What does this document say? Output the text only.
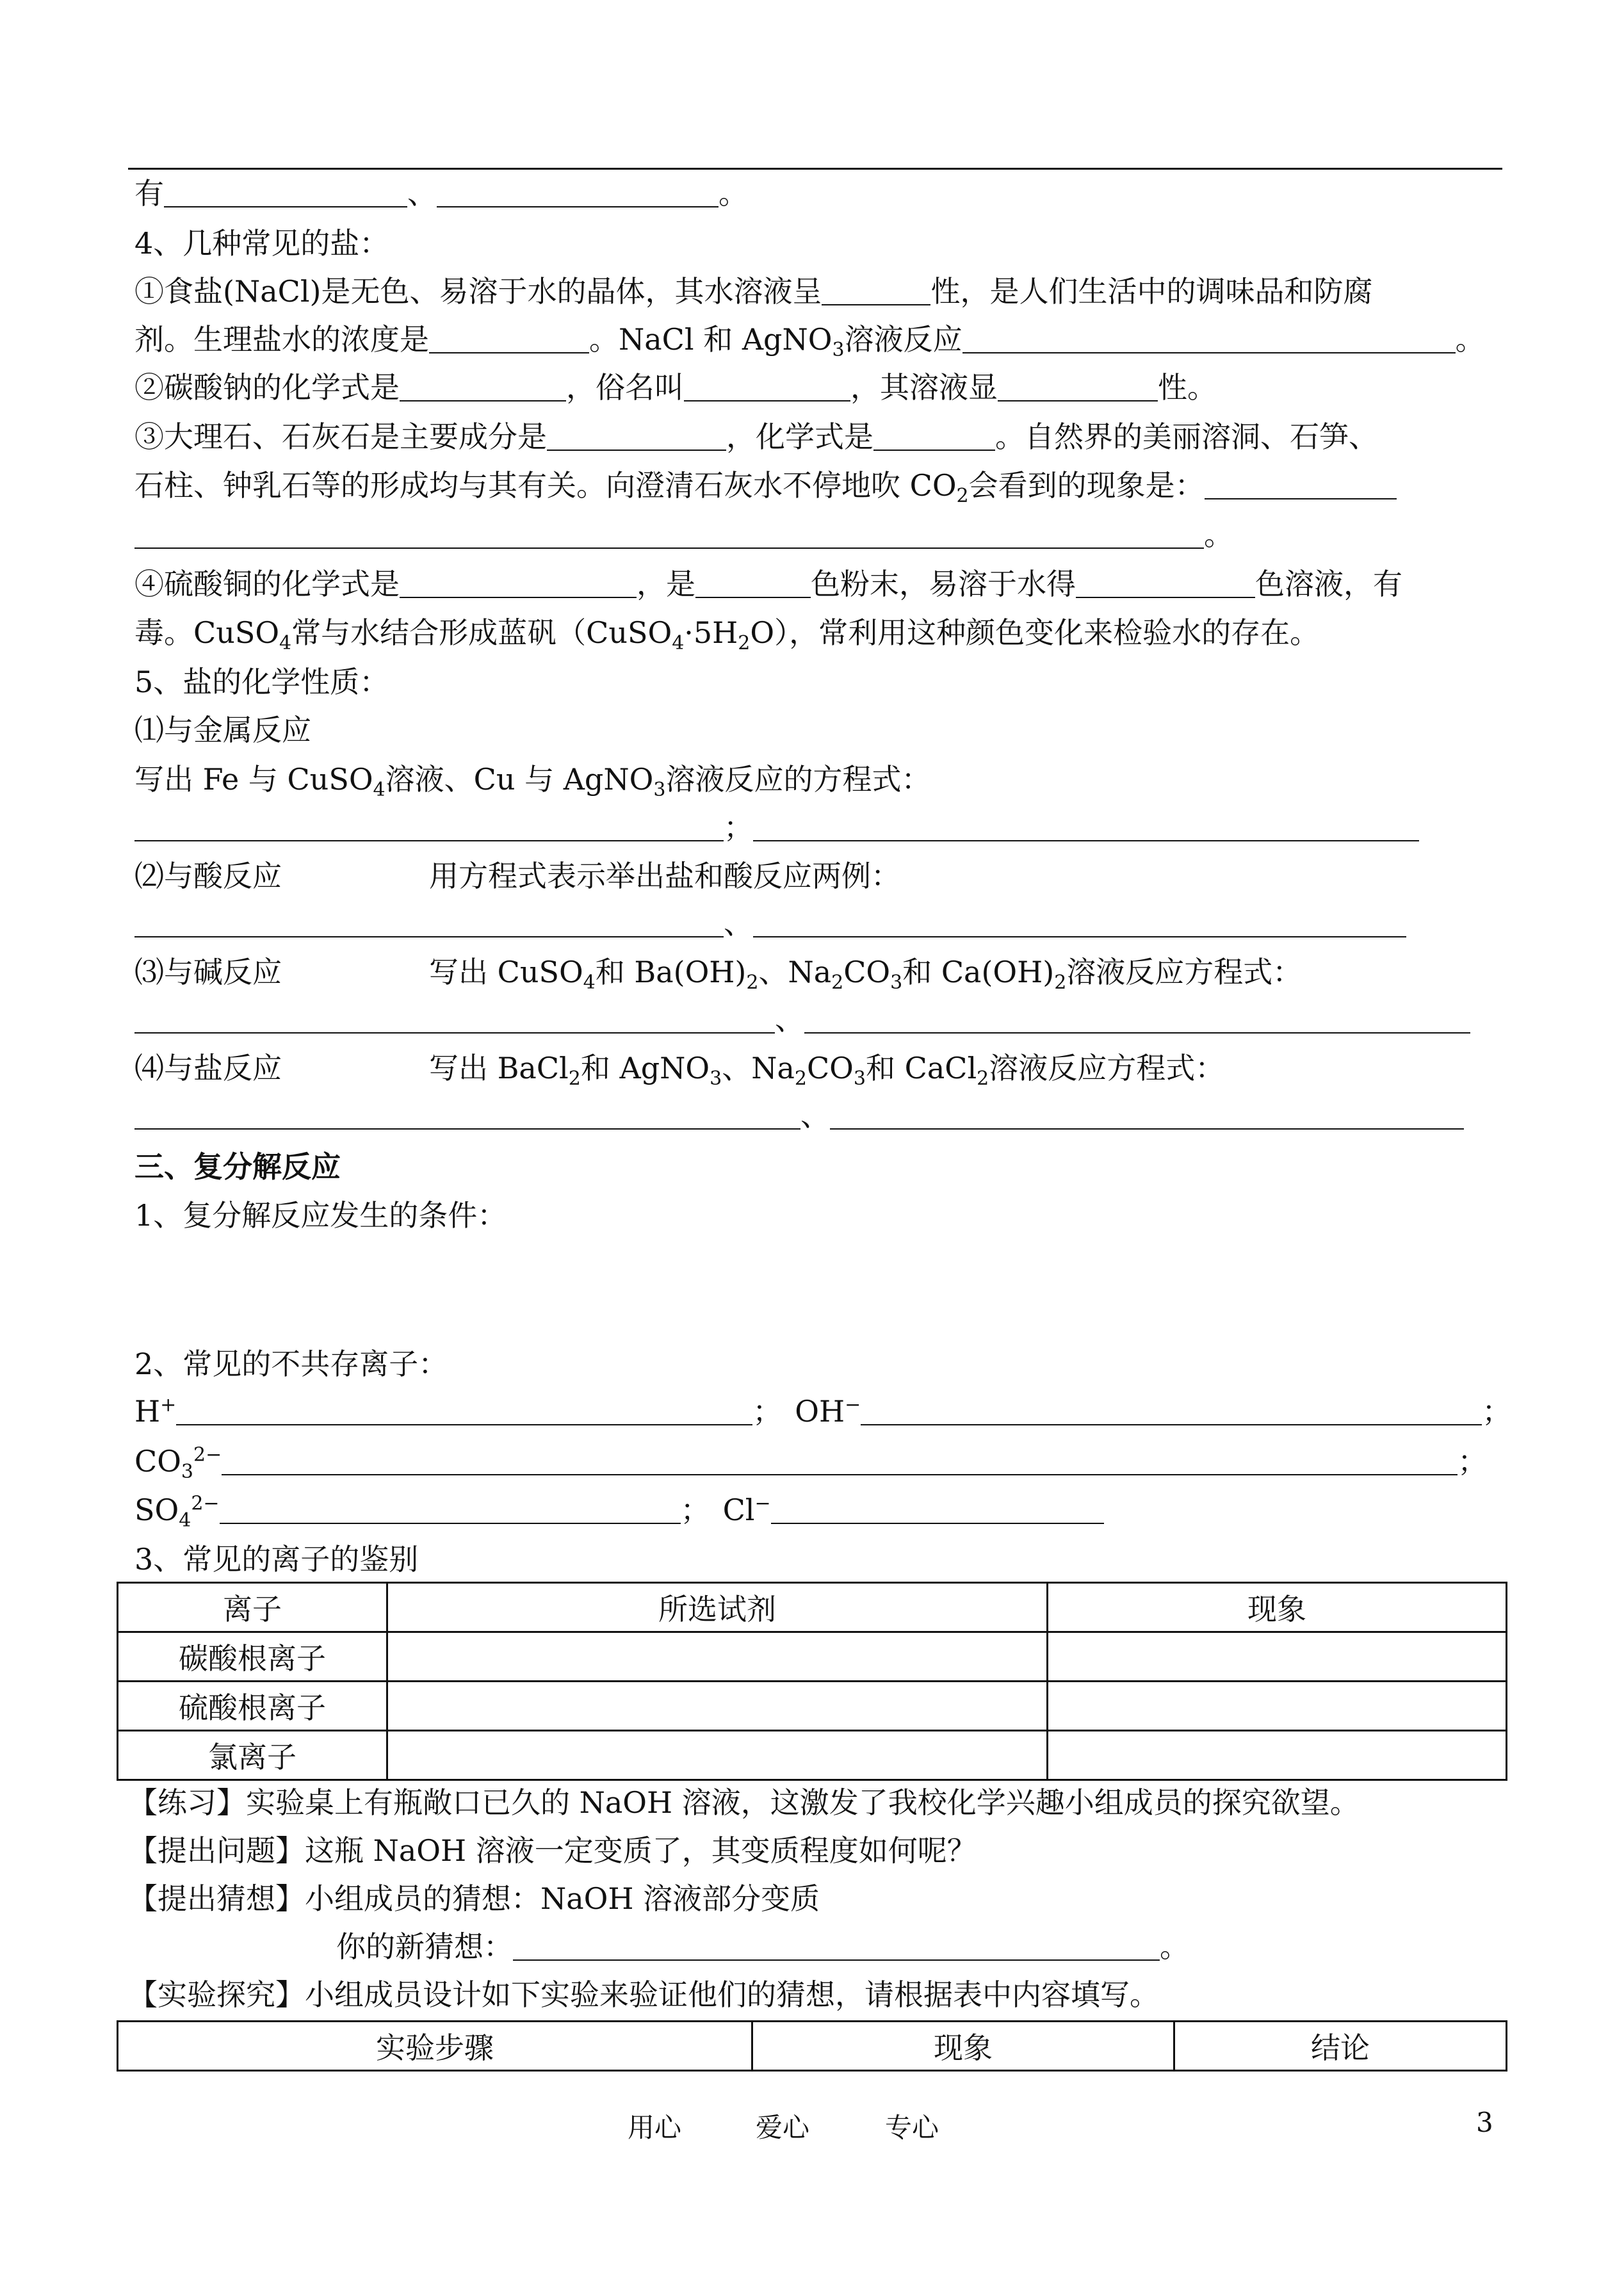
有	、	。
4、几种常见的盐：
①食盐(NaCl)是无色、易溶于水的晶体，其水溶液呈	性，是人们生活中的调味品和防腐
剂。生理盐水的浓度是	。NaCl 和 AgNO$_3$溶液反应	。
②碳酸钠的化学式是	，俗名叫	，其溶液显	性。
③大理石、石灰石是主要成分是	，化学式是	。自然界的美丽溶洞、石笋、
石柱、钟乳石等的形成均与其有关。向澄清石灰水不停地吹 $CO_2$会看到的现象是：
。
④硫酸铜的化学式是	，是	色粉末，易溶于水得	色溶液，有
毒。CuSO$_4$常与水结合形成蓝矾$(CuSO_4\cdot 5H_2O)$，常利用这种颜色变化来检验水的存在。
5、盐的化学性质：
⑴与金属反应
写出 Fe 与 CuSO$_4$溶液、Cu 与 AgNO$_3$溶液反应的方程式：
；
⑵与酸反应	用方程式表示举出盐和酸反应两例：
、
⑶与碱反应	写出 CuSO$_4$和 $Ba(OH)_2$、$Na_2CO_3$和 $Ca(OH)_2$溶液反应方程式：
、
⑷与盐反应	写出 BaCl$_2$和 AgNO$_3$、$Na_2CO_3$和 CaCl$_2$溶液反应方程式：
、
三、复分解反应
1、复分解反应发生的条件：
2、常见的不共存离子：
H+	； OH−	；
$CO_3^{2-}$	；
$SO_4^{2-}$	； Cl−
3、常见的离子的鉴别
离子	所选试剂	现象
碳酸根离子		
硫酸根离子		
氯离子		
【练习】实验桌上有瓶敞口已久的 NaOH 溶液，这激发了我校化学兴趣小组成员的探究欲望。
【提出问题】这瓶 NaOH 溶液一定变质了，其变质程度如何呢？
【提出猜想】小组成员的猜想：NaOH 溶液部分变质
你的新猜想：	。
【实验探究】小组成员设计如下实验来验证他们的猜想，请根据表中内容填写。
实验步骤	现象	结论
用心	爱心	专心	3
